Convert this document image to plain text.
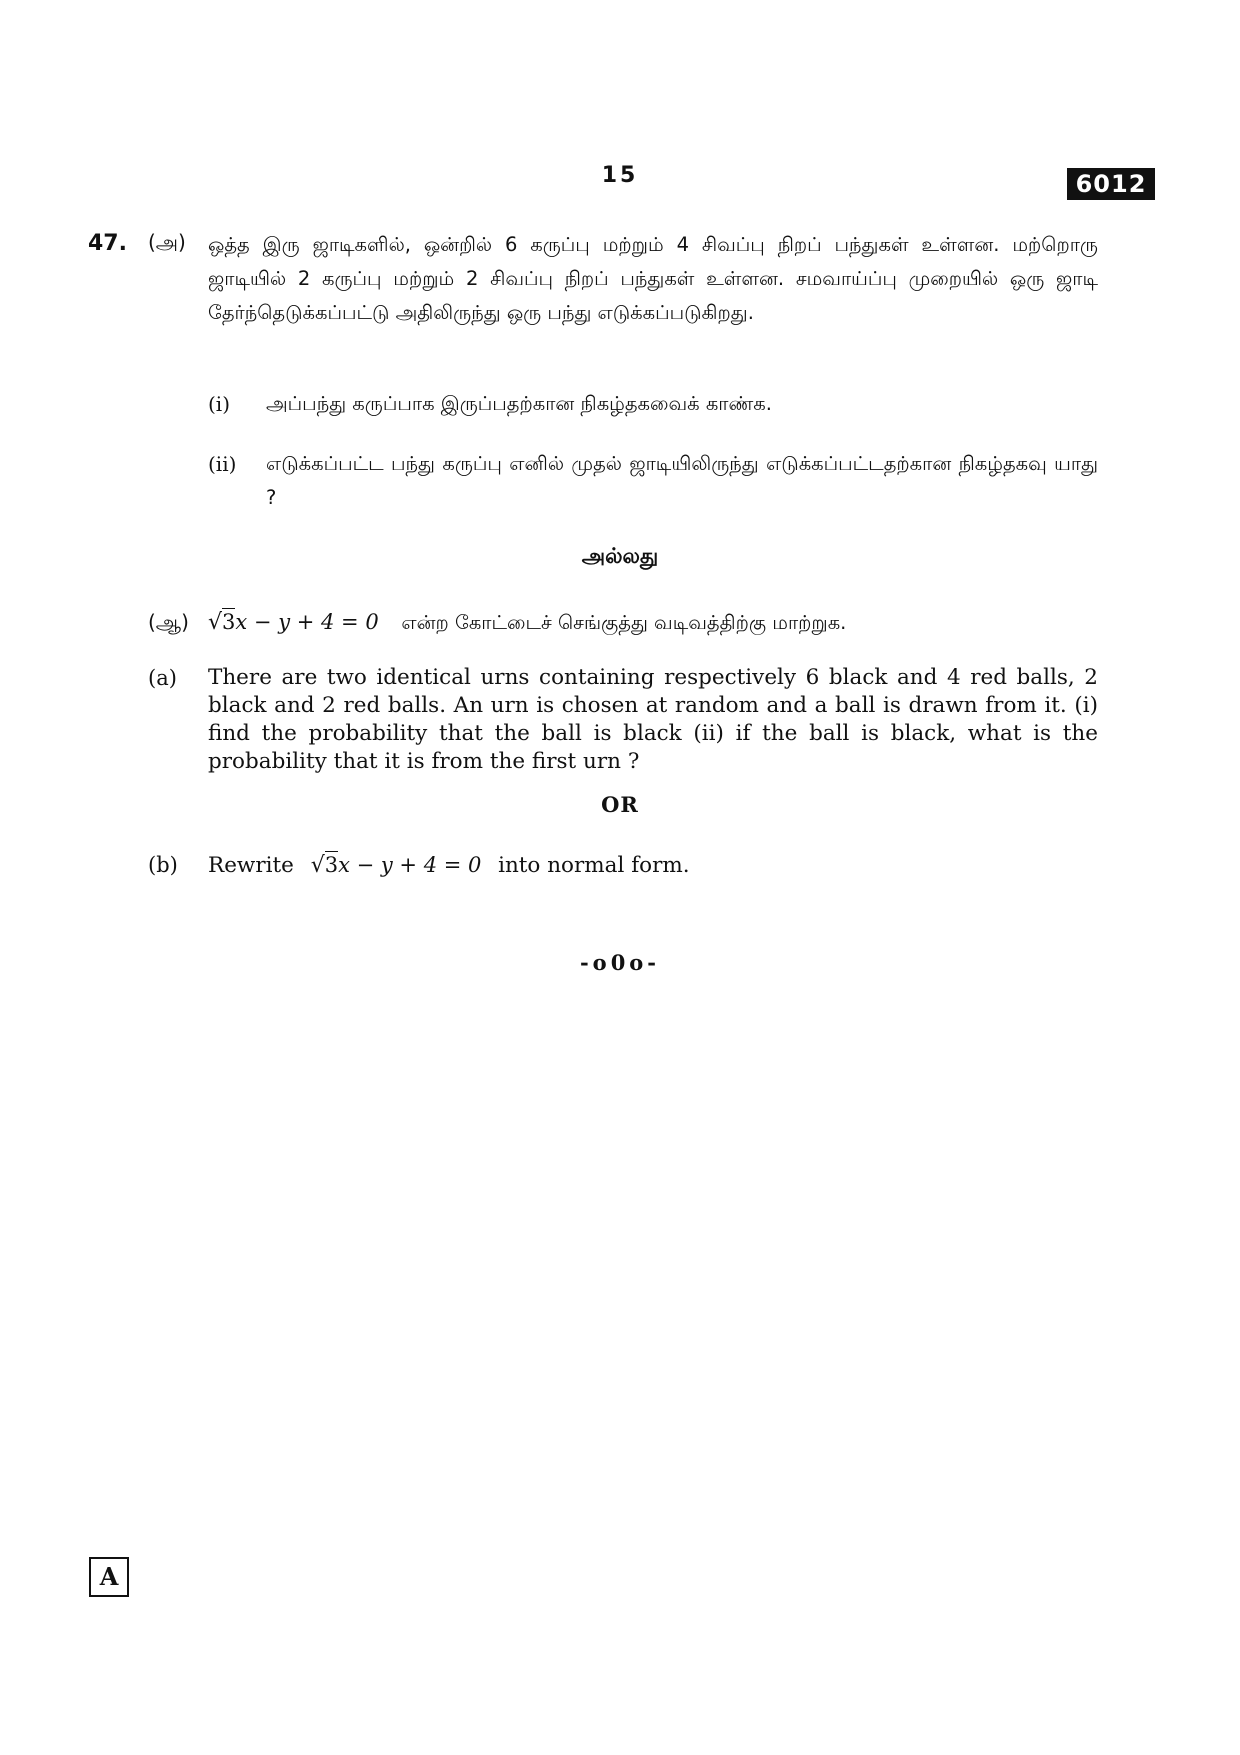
15	6012
47. (அ) ஒத்த இரு ஜாடிகளில், ஒன்றில் 6 கருப்பு மற்றும் 4 சிவப்பு நிறப் பந்துகள் உள்ளன. மற்றொரு ஜாடியில் 2 கருப்பு மற்றும் 2 சிவப்பு நிறப் பந்துகள் உள்ளன. சமவாய்ப்பு முறையில் ஒரு ஜாடி தேர்ந்தெடுக்கப்பட்டு அதிலிருந்து ஒரு பந்து எடுக்கப்படுகிறது.
(i) அப்பந்து கருப்பாக இருப்பதற்கான நிகழ்தகவைக் காண்க.
(ii) எடுக்கப்பட்ட பந்து கருப்பு எனில் முதல் ஜாடியிலிருந்து எடுக்கப்பட்டதற்கான நிகழ்தகவு யாது ?
அல்லது
(ஆ) √3x − y + 4 = 0 என்ற கோட்டைச் செங்குத்து வடிவத்திற்கு மாற்றுக.
(a) There are two identical urns containing respectively 6 black and 4 red balls, 2 black and 2 red balls. An urn is chosen at random and a ball is drawn from it. (i) find the probability that the ball is black (ii) if the ball is black, what is the probability that it is from the first urn ?
OR
(b) Rewrite √3x − y + 4 = 0 into normal form.
-o0o-
A
